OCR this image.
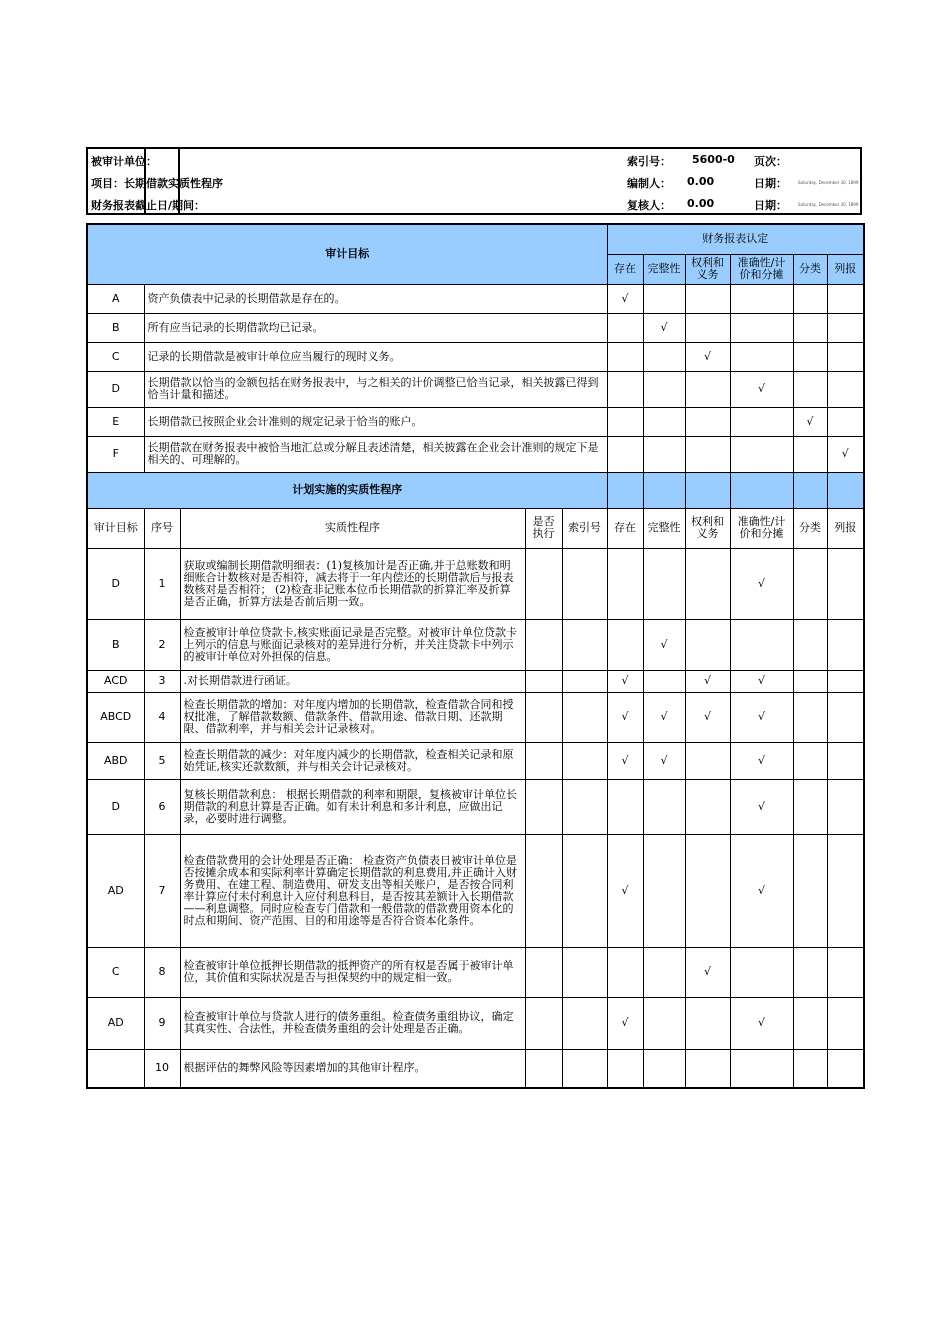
被审计单位：	索引号： 5600-0 页次：
项目：长期借款实质性程序	编制人： 0.00	日期：	Saturday, December 30, 1899
财务报表截止日/期间：	复核人： 0.00	日期：	Saturday, December 30, 1899
审计目标					财务报表认定					
					存在	完整性	权利和义务	准确性/计价和分摊	分类	列报
A	资产负债表中记录的长期借款是存在的。				√					
B	所有应当记录的长期借款均已记录。					√				
C	记录的长期借款是被审计单位应当履行的现时义务。						√			
D	长期借款以恰当的金额包括在财务报表中，与之相关的计价调整已恰当记录，相关披露已得到恰当计量和描述。							√		
E	长期借款已按照企业会计准则的规定记录于恰当的账户。								√	
F	长期借款在财务报表中被恰当地汇总或分解且表述清楚，相关披露在企业会计准则的规定下是相关的、可理解的。									√
计划实施的实质性程序										
审计目标	序号	实质性程序	是否执行	索引号	存在	完整性	权利和义务	准确性/计价和分摊	分类	列报
D	1	获取或编制长期借款明细表：(1)复核加计是否正确,并于总账数和明细账合计数核对是否相符，减去将于一年内偿还的长期借款后与报表数核对是否相符； (2)检查非记账本位币长期借款的折算汇率及折算是否正确，折算方法是否前后期一致。						√		
B	2	检查被审计单位贷款卡,核实账面记录是否完整。对被审计单位贷款卡上列示的信息与账面记录核对的差异进行分析，并关注贷款卡中列示的被审计单位对外担保的信息。				√				
ACD	3	.对长期借款进行函证。			√		√	√		
ABCD	4	检查长期借款的增加：对年度内增加的长期借款，检查借款合同和授权批准，了解借款数额、借款条件、借款用途、借款日期、还款期限、借款利率，并与相关会计记录核对。			√	√	√	√		
ABD	5	检查长期借款的减少：对年度内减少的长期借款，检查相关记录和原始凭证,核实还款数额，并与相关会计记录核对。			√	√		√		
D	6	复核长期借款利息： 根据长期借款的利率和期限，复核被审计单位长期借款的利息计算是否正确。如有未计利息和多计利息，应做出记录，必要时进行调整。						√		
AD	7	检查借款费用的会计处理是否正确： 检查资产负债表日被审计单位是否按摊余成本和实际利率计算确定长期借款的利息费用,并正确计入财务费用、在建工程、制造费用、研发支出等相关账户，是否按合同利率计算应付未付利息计入应付利息科目，是否按其差额计入长期借款——利息调整。同时应检查专门借款和一般借款的借款费用资本化的时点和期间、资产范围、目的和用途等是否符合资本化条件。			√			√		
C	8	检查被审计单位抵押长期借款的抵押资产的所有权是否属于被审计单位，其价值和实际状况是否与担保契约中的规定相一致。					√			
AD	9	检查被审计单位与贷款人进行的债务重组。检查债务重组协议，确定其真实性、合法性，并检查债务重组的会计处理是否正确。			√			√		
	10	根据评估的舞弊风险等因素增加的其他审计程序。								
